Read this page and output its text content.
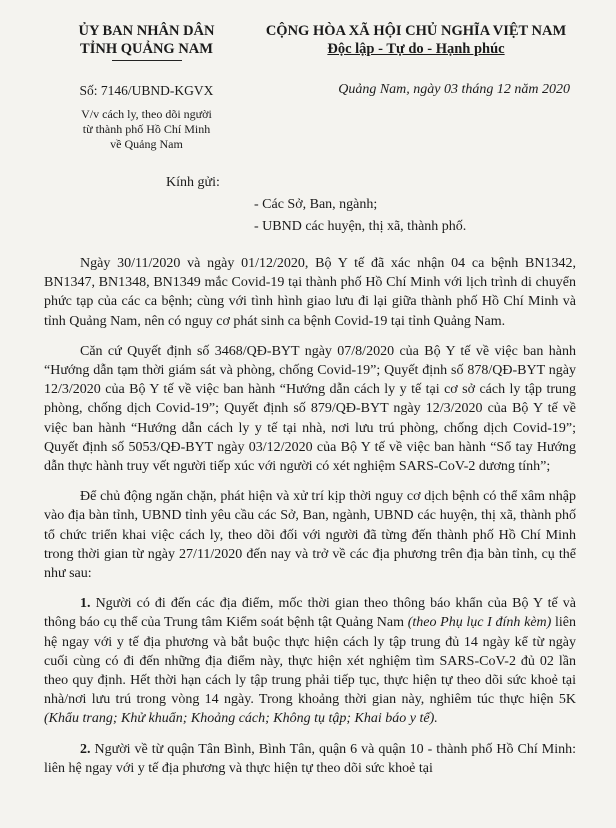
ỦY BAN NHÂN DÂN
TỈNH QUẢNG NAM
Số: 7146/UBND-KGVX
V/v cách ly, theo dõi người
từ thành phố Hồ Chí Minh
về Quảng Nam
CỘNG HÒA XÃ HỘI CHỦ NGHĨA VIỆT NAM
Độc lập - Tự do - Hạnh phúc
Quảng Nam, ngày 03 tháng 12 năm 2020
Kính gửi:
- Các Sở, Ban, ngành;
- UBND các huyện, thị xã, thành phố.

Ngày 30/11/2020 và ngày 01/12/2020, Bộ Y tế đã xác nhận 04 ca bệnh BN1342, BN1347, BN1348, BN1349 mắc Covid-19 tại thành phố Hồ Chí Minh với lịch trình di chuyển phức tạp của các ca bệnh; cùng với tình hình giao lưu đi lại giữa thành phố Hồ Chí Minh và tỉnh Quảng Nam, nên có nguy cơ phát sinh ca bệnh Covid-19 tại tỉnh Quảng Nam.

Căn cứ Quyết định số 3468/QĐ-BYT ngày 07/8/2020 của Bộ Y tế về việc ban hành “Hướng dẫn tạm thời giám sát và phòng, chống Covid-19”; Quyết định số 878/QĐ-BYT ngày 12/3/2020 của Bộ Y tế về việc ban hành “Hướng dẫn cách ly y tế tại cơ sở cách ly tập trung phòng, chống dịch Covid-19”; Quyết định số 879/QĐ-BYT ngày 12/3/2020 của Bộ Y tế về việc ban hành “Hướng dẫn cách ly y tế tại nhà, nơi lưu trú phòng, chống dịch Covid-19”; Quyết định số 5053/QĐ-BYT ngày 03/12/2020 của Bộ Y tế về việc ban hành “Sổ tay Hướng dẫn thực hành truy vết người tiếp xúc với người có xét nghiệm SARS-CoV-2 dương tính”;

Để chủ động ngăn chặn, phát hiện và xử trí kịp thời nguy cơ dịch bệnh có thể xâm nhập vào địa bàn tỉnh, UBND tỉnh yêu cầu các Sở, Ban, ngành, UBND các huyện, thị xã, thành phố tổ chức triển khai việc cách ly, theo dõi đối với người đã từng đến thành phố Hồ Chí Minh trong thời gian từ ngày 27/11/2020 đến nay và trở về các địa phương trên địa bàn tỉnh, cụ thể như sau:

1. Người có đi đến các địa điểm, mốc thời gian theo thông báo khẩn của Bộ Y tế và thông báo cụ thể của Trung tâm Kiểm soát bệnh tật Quảng Nam (theo Phụ lục I đính kèm) liên hệ ngay với y tế địa phương và bắt buộc thực hiện cách ly tập trung đủ 14 ngày kể từ ngày cuối cùng có đi đến những địa điểm này, thực hiện xét nghiệm tìm SARS-CoV-2 đủ 02 lần theo quy định. Hết thời hạn cách ly tập trung phải tiếp tục, thực hiện tự theo dõi sức khoẻ tại nhà/nơi lưu trú trong vòng 14 ngày. Trong khoảng thời gian này, nghiêm túc thực hiện 5K (Khẩu trang; Khử khuẩn; Khoảng cách; Không tụ tập; Khai báo y tế).

2. Người về từ quận Tân Bình, Bình Tân, quận 6 và quận 10 - thành phố Hồ Chí Minh: liên hệ ngay với y tế địa phương và thực hiện tự theo dõi sức khoẻ tại
